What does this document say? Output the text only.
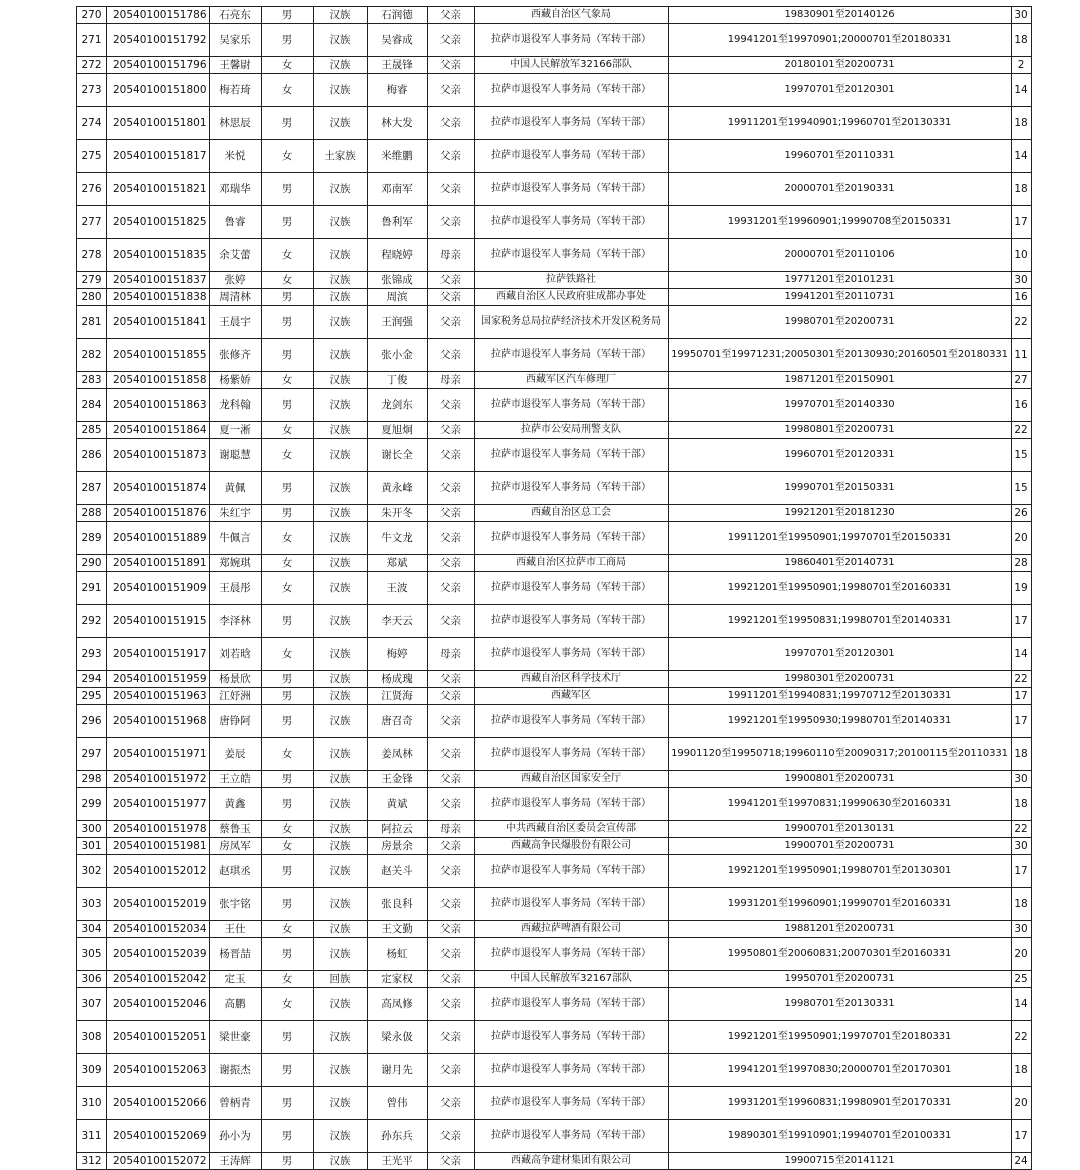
270	20540100151786	石亮东	男	汉族	石润德	父亲	西藏自治区气象局	19830901至20140126	30
271	20540100151792	吴家乐	男	汉族	吴睿成	父亲	拉萨市退役军人事务局（军转干部）	19941201至19970901;20000701至20180331	18
272	20540100151796	王馨尉	女	汉族	王晟锋	父亲	中国人民解放军32166部队	20180101至20200731	2
273	20540100151800	梅若琦	女	汉族	梅睿	父亲	拉萨市退役军人事务局（军转干部）	19970701至20120301	14
274	20540100151801	林思辰	男	汉族	林大发	父亲	拉萨市退役军人事务局（军转干部）	19911201至19940901;19960701至20130331	18
275	20540100151817	米悦	女	土家族	米维鹏	父亲	拉萨市退役军人事务局（军转干部）	19960701至20110331	14
276	20540100151821	邓瑞华	男	汉族	邓南军	父亲	拉萨市退役军人事务局（军转干部）	20000701至20190331	18
277	20540100151825	鲁睿	男	汉族	鲁利军	父亲	拉萨市退役军人事务局（军转干部）	19931201至19960901;19990708至20150331	17
278	20540100151835	余艾蕾	女	汉族	程晓婷	母亲	拉萨市退役军人事务局（军转干部）	20000701至20110106	10
279	20540100151837	张婷	女	汉族	张锦成	父亲	拉萨铁路社	19771201至20101231	30
280	20540100151838	周清林	男	汉族	周滨	父亲	西藏自治区人民政府驻成都办事处	19941201至20110731	16
281	20540100151841	王晨宇	男	汉族	王润强	父亲	国家税务总局拉萨经济技术开发区税务局	19980701至20200731	22
282	20540100151855	张修齐	男	汉族	张小金	父亲	拉萨市退役军人事务局（军转干部）	19950701至19971231;20050301至20130930;20160501至20180331	11
283	20540100151858	杨紫娇	女	汉族	丁俊	母亲	西藏军区汽车修理厂	19871201至20150901	27
284	20540100151863	龙科翰	男	汉族	龙剑东	父亲	拉萨市退役军人事务局（军转干部）	19970701至20140330	16
285	20540100151864	夏一淅	女	汉族	夏旭炯	父亲	拉萨市公安局刑警支队	19980801至20200731	22
286	20540100151873	谢聪慧	女	汉族	谢长全	父亲	拉萨市退役军人事务局（军转干部）	19960701至20120331	15
287	20540100151874	黄佩	男	汉族	黄永峰	父亲	拉萨市退役军人事务局（军转干部）	19990701至20150331	15
288	20540100151876	朱红宇	男	汉族	朱开冬	父亲	西藏自治区总工会	19921201至20181230	26
289	20540100151889	牛佩言	女	汉族	牛文龙	父亲	拉萨市退役军人事务局（军转干部）	19911201至19950901;19970701至20150331	20
290	20540100151891	郑婉琪	女	汉族	郑斌	父亲	西藏自治区拉萨市工商局	19860401至20140731	28
291	20540100151909	王晨彤	女	汉族	王波	父亲	拉萨市退役军人事务局（军转干部）	19921201至19950901;19980701至20160331	19
292	20540100151915	李泽林	男	汉族	李天云	父亲	拉萨市退役军人事务局（军转干部）	19921201至19950831;19980701至20140331	17
293	20540100151917	刘若晗	女	汉族	梅婷	母亲	拉萨市退役军人事务局（军转干部）	19970701至20120301	14
294	20540100151959	杨景欣	男	汉族	杨成瑰	父亲	西藏自治区科学技术厅	19980301至20200731	22
295	20540100151963	江妤洲	男	汉族	江贤海	父亲	西藏军区	19911201至19940831;19970712至20130331	17
296	20540100151968	唐铮阿	男	汉族	唐召奇	父亲	拉萨市退役军人事务局（军转干部）	19921201至19950930;19980701至20140331	17
297	20540100151971	姜辰	女	汉族	姜凤林	父亲	拉萨市退役军人事务局（军转干部）	19901120至19950718;19960110至20090317;20100115至20110331	18
298	20540100151972	王立皓	男	汉族	王金锋	父亲	西藏自治区国家安全厅	19900801至20200731	30
299	20540100151977	黄鑫	男	汉族	黄斌	父亲	拉萨市退役军人事务局（军转干部）	19941201至19970831;19990630至20160331	18
300	20540100151978	蔡鲁玉	女	汉族	阿拉云	母亲	中共西藏自治区委员会宣传部	19900701至20130131	22
301	20540100151981	房凤军	女	汉族	房景余	父亲	西藏高争民爆股份有限公司	19900701至20200731	30
302	20540100152012	赵琪丞	男	汉族	赵关斗	父亲	拉萨市退役军人事务局（军转干部）	19921201至19950901;19980701至20130301	17
303	20540100152019	张宇铭	男	汉族	张良科	父亲	拉萨市退役军人事务局（军转干部）	19931201至19960901;19990701至20160331	18
304	20540100152034	王仕	女	汉族	王文勤	父亲	西藏拉萨啤酒有限公司	19881201至20200731	30
305	20540100152039	杨晋喆	男	汉族	杨虹	父亲	拉萨市退役军人事务局（军转干部）	19950801至20060831;20070301至20160331	20
306	20540100152042	定玉	女	回族	定家权	父亲	中国人民解放军32167部队	19950701至20200731	25
307	20540100152046	高鹏	女	汉族	高凤修	父亲	拉萨市退役军人事务局（军转干部）	19980701至20130331	14
308	20540100152051	梁世豪	男	汉族	梁永伋	父亲	拉萨市退役军人事务局（军转干部）	19921201至19950901;19970701至20180331	22
309	20540100152063	谢振杰	男	汉族	谢月先	父亲	拉萨市退役军人事务局（军转干部）	19941201至19970830;20000701至20170301	18
310	20540100152066	曾柄青	男	汉族	曾伟	父亲	拉萨市退役军人事务局（军转干部）	19931201至19960831;19980901至20170331	20
311	20540100152069	孙小为	男	汉族	孙东兵	父亲	拉萨市退役军人事务局（军转干部）	19890301至19910901;19940701至20100331	17
312	20540100152072	王涛辉	男	汉族	王光平	父亲	西藏高争建材集团有限公司	19900715至20141121	24
